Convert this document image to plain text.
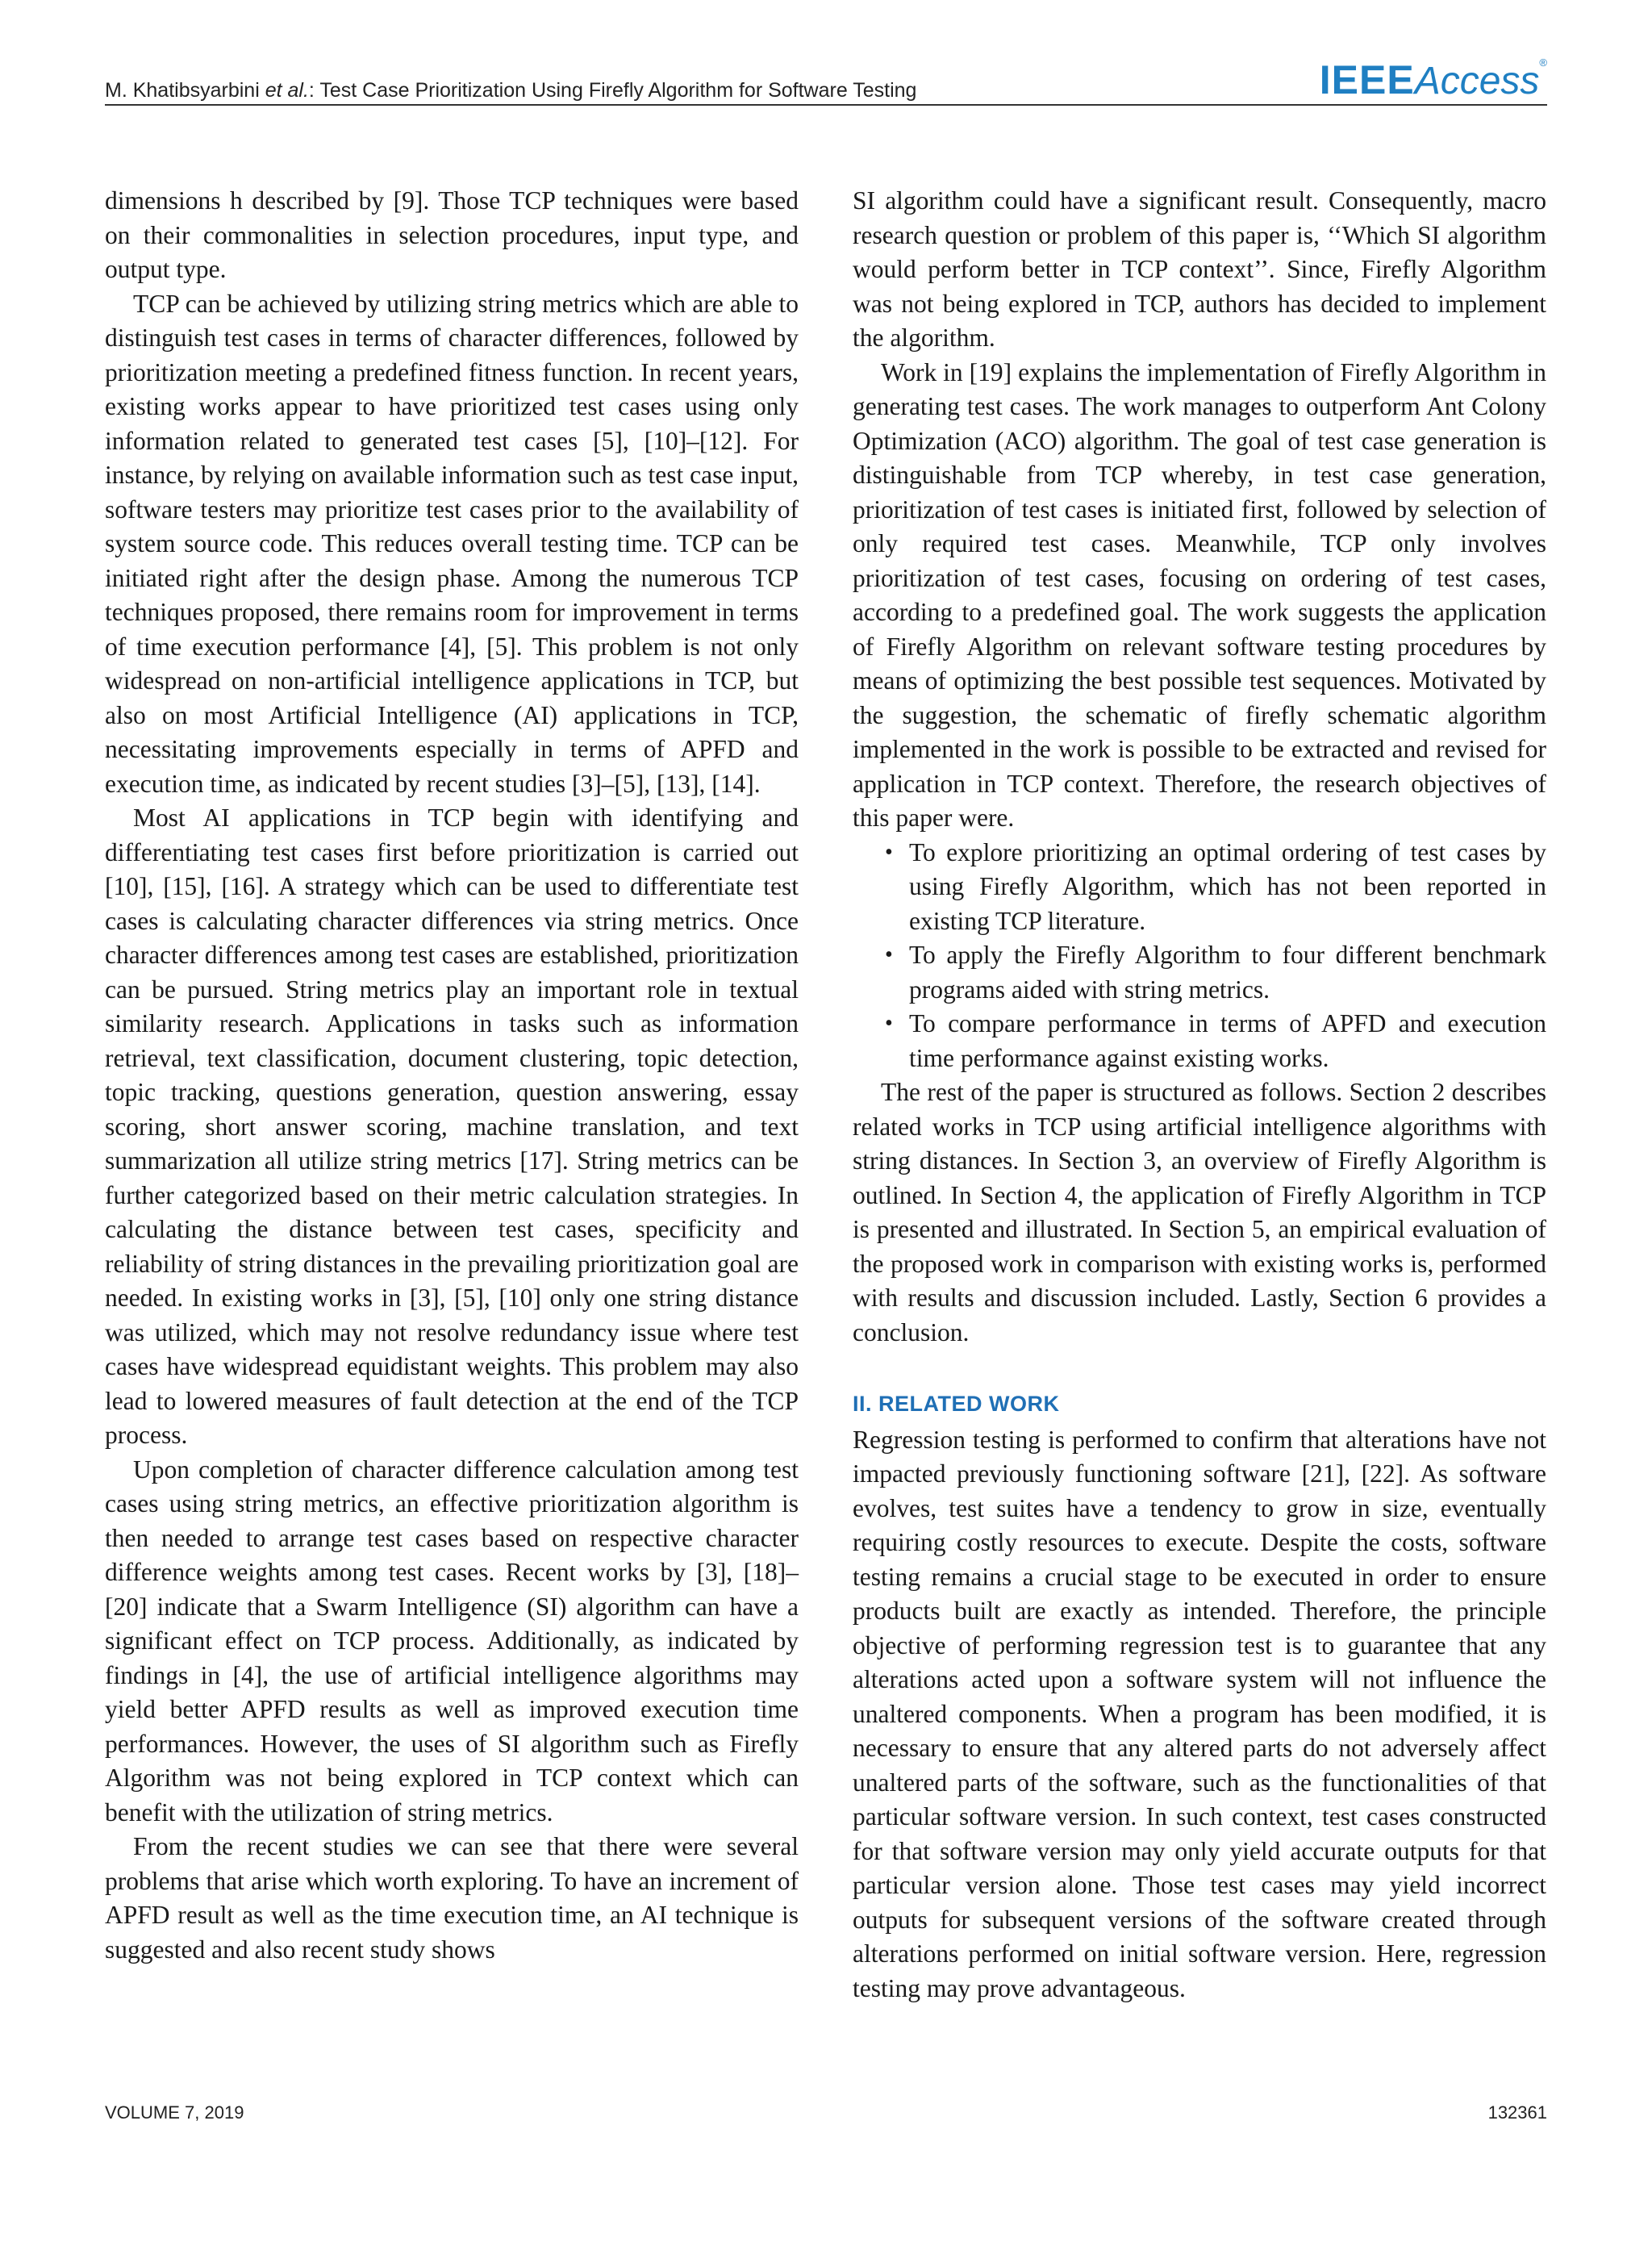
M. Khatibsyarbini et al.: Test Case Prioritization Using Firefly Algorithm for Software Testing	IEEEAccess®

dimensions h described by [9]. Those TCP techniques were based on their commonalities in selection procedures, input type, and output type.

TCP can be achieved by utilizing string metrics which are able to distinguish test cases in terms of character differences, followed by prioritization meeting a predefined fitness function. In recent years, existing works appear to have prioritized test cases using only information related to generated test cases [5], [10]–[12]. For instance, by relying on available information such as test case input, software testers may prioritize test cases prior to the availability of system source code. This reduces overall testing time. TCP can be initiated right after the design phase. Among the numerous TCP techniques proposed, there remains room for improvement in terms of time execution performance [4], [5]. This problem is not only widespread on non-artificial intelligence applications in TCP, but also on most Artificial Intelligence (AI) applications in TCP, necessitating improvements especially in terms of APFD and execution time, as indicated by recent studies [3]–[5], [13], [14].

Most AI applications in TCP begin with identifying and differentiating test cases first before prioritization is carried out [10], [15], [16]. A strategy which can be used to differentiate test cases is calculating character differences via string metrics. Once character differences among test cases are established, prioritization can be pursued. String metrics play an important role in textual similarity research. Applications in tasks such as information retrieval, text classification, document clustering, topic detection, topic tracking, questions generation, question answering, essay scoring, short answer scoring, machine translation, and text summarization all utilize string metrics [17]. String metrics can be further categorized based on their metric calculation strategies. In calculating the distance between test cases, specificity and reliability of string distances in the prevailing prioritization goal are needed. In existing works in [3], [5], [10] only one string distance was utilized, which may not resolve redundancy issue where test cases have widespread equidistant weights. This problem may also lead to lowered measures of fault detection at the end of the TCP process.

Upon completion of character difference calculation among test cases using string metrics, an effective prioritization algorithm is then needed to arrange test cases based on respective character difference weights among test cases. Recent works by [3], [18]–[20] indicate that a Swarm Intelligence (SI) algorithm can have a significant effect on TCP process. Additionally, as indicated by findings in [4], the use of artificial intelligence algorithms may yield better APFD results as well as improved execution time performances. However, the uses of SI algorithm such as Firefly Algorithm was not being explored in TCP context which can benefit with the utilization of string metrics.

From the recent studies we can see that there were several problems that arise which worth exploring. To have an increment of APFD result as well as the time execution time, an AI technique is suggested and also recent study shows

SI algorithm could have a significant result. Consequently, macro research question or problem of this paper is, ‘‘Which SI algorithm would perform better in TCP context’’. Since, Firefly Algorithm was not being explored in TCP, authors has decided to implement the algorithm.

Work in [19] explains the implementation of Firefly Algorithm in generating test cases. The work manages to outperform Ant Colony Optimization (ACO) algorithm. The goal of test case generation is distinguishable from TCP whereby, in test case generation, prioritization of test cases is initiated first, followed by selection of only required test cases. Meanwhile, TCP only involves prioritization of test cases, focusing on ordering of test cases, according to a predefined goal. The work suggests the application of Firefly Algorithm on relevant software testing procedures by means of optimizing the best possible test sequences. Motivated by the suggestion, the schematic of firefly schematic algorithm implemented in the work is possible to be extracted and revised for application in TCP context. Therefore, the research objectives of this paper were.

• To explore prioritizing an optimal ordering of test cases by using Firefly Algorithm, which has not been reported in existing TCP literature.
• To apply the Firefly Algorithm to four different benchmark programs aided with string metrics.
• To compare performance in terms of APFD and execution time performance against existing works.

The rest of the paper is structured as follows. Section 2 describes related works in TCP using artificial intelligence algorithms with string distances. In Section 3, an overview of Firefly Algorithm is outlined. In Section 4, the application of Firefly Algorithm in TCP is presented and illustrated. In Section 5, an empirical evaluation of the proposed work in comparison with existing works is, performed with results and discussion included. Lastly, Section 6 provides a conclusion.

II. RELATED WORK

Regression testing is performed to confirm that alterations have not impacted previously functioning software [21], [22]. As software evolves, test suites have a tendency to grow in size, eventually requiring costly resources to execute. Despite the costs, software testing remains a crucial stage to be executed in order to ensure products built are exactly as intended. Therefore, the principle objective of performing regression test is to guarantee that any alterations acted upon a software system will not influence the unaltered components. When a program has been modified, it is necessary to ensure that any altered parts do not adversely affect unaltered parts of the software, such as the functionalities of that particular software version. In such context, test cases constructed for that software version may only yield accurate outputs for that particular version alone. Those test cases may yield incorrect outputs for subsequent versions of the software created through alterations performed on initial software version. Here, regression testing may prove advantageous.

VOLUME 7, 2019	132361
